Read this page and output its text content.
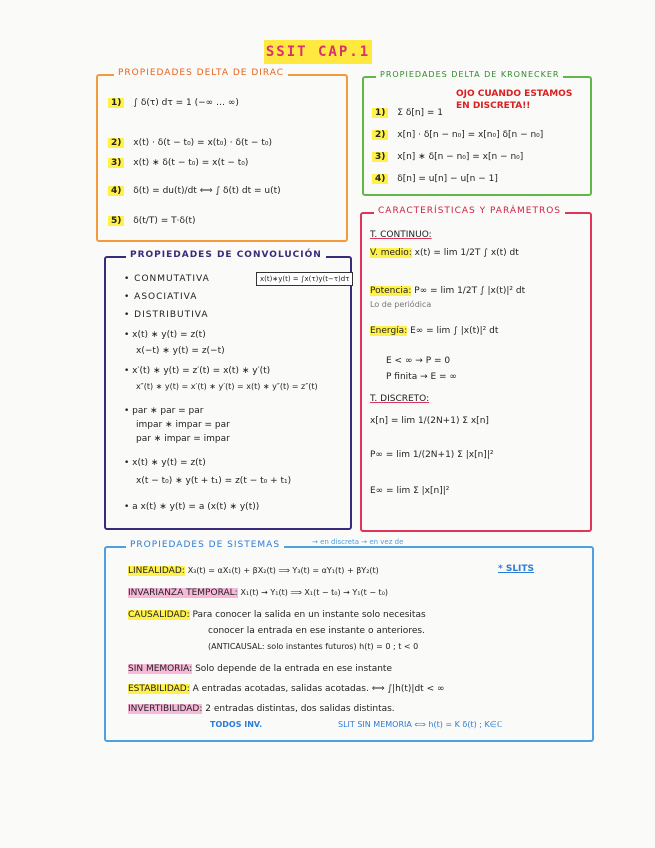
SSIT CAP.1
PROPIEDADES DELTA DE DIRAC
1) ∫ δ(τ) dτ = 1 (−∞ … ∞)
2) x(t) · δ(t − t₀) = x(t₀) · δ(t − t₀)
3) x(t) ∗ δ(t − t₀) = x(t − t₀)
4) δ(t) = du(t)/dt ⟺ ∫ δ(t) dt = u(t)
5) δ(t/T) = T·δ(t)
PROPIEDADES DELTA DE KRONECKER
OJO CUANDO ESTAMOS
EN DISCRETA!!
1) Σ δ[n] = 1
2) x[n] · δ[n − n₀] = x[n₀] δ[n − n₀]
3) x[n] ∗ δ[n − n₀] = x[n − n₀]
4) δ[n] = u[n] − u[n − 1]
PROPIEDADES DE CONVOLUCIÓN
x(t)∗y(t) = ∫x(τ)y(t−τ)dτ
• CONMUTATIVA
• ASOCIATIVA
• DISTRIBUTIVA
• x(t) ∗ y(t) = z(t)
x(−t) ∗ y(t) = z(−t)
• x′(t) ∗ y(t) = z′(t) = x(t) ∗ y′(t)
x″(t) ∗ y(t) = x′(t) ∗ y′(t) = x(t) ∗ y″(t) = z″(t)
• par ∗ par = par
impar ∗ impar = par
par ∗ impar = impar
• x(t) ∗ y(t) = z(t)
x(t − t₀) ∗ y(t + t₁) = z(t − t₀ + t₁)
• a x(t) ∗ y(t) = a (x(t) ∗ y(t))
CARACTERÍSTICAS Y PARÁMETROS
T. CONTINUO:
V. medio: x(t) = lim 1/2T ∫ x(t) dt
Potencia: P∞ = lim 1/2T ∫ |x(t)|² dt
Lo de periódica
Energía: E∞ = lim ∫ |x(t)|² dt
E < ∞ → P = 0
P finita → E = ∞
T. DISCRETO:
x[n] = lim 1/(2N+1) Σ x[n]
P∞ = lim 1/(2N+1) Σ |x[n]|²
E∞ = lim Σ |x[n]|²
PROPIEDADES DE SISTEMAS	→ en discreta → en vez de
* SLITS
LINEALIDAD: X₃(t) = αX₁(t) + βX₂(t) ⟹ Y₃(t) = αY₁(t) + βY₂(t)
INVARIANZA TEMPORAL: X₁(t) → Y₁(t) ⟹ X₁(t − t₀) → Y₁(t − t₀)
CAUSALIDAD: Para conocer la salida en un instante solo necesitas
conocer la entrada en ese instante o anteriores.
(ANTICAUSAL: solo instantes futuros) h(t) = 0 ; t < 0
SIN MEMORIA: Solo depende de la entrada en ese instante
ESTABILIDAD: A entradas acotadas, salidas acotadas. ⟺ ∫|h(t)|dt < ∞
INVERTIBILIDAD: 2 entradas distintas, dos salidas distintas.
TODOS INV.	SLIT SIN MEMORIA ⟺ h(t) = K δ(t) ; K∈ℂ
